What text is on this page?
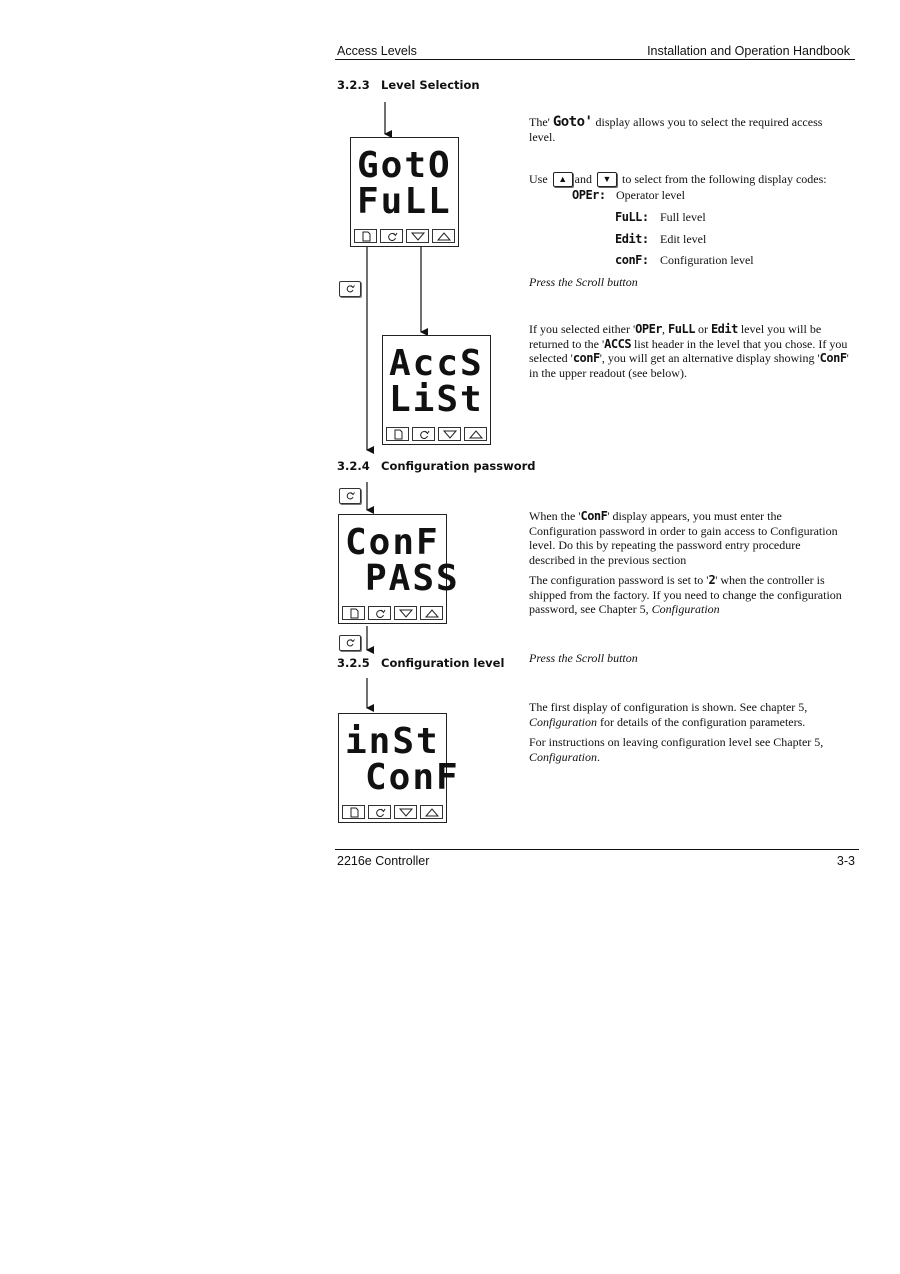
Access Levels	Installation and Operation Handbook
3.2.3 Level Selection
GotO
FuLL
AccS
LiSt
The' Goto' display allows you to select the required access level.
Use ▲ and ▼ to select from the following display codes:
OPEr: Operator level
FuLL: Full level
Edit: Edit level
conF: Configuration level
Press the Scroll button
If you selected either 'OPEr, FuLL or Edit level you will be returned to the 'ACCS list header in the level that you chose. If you selected 'conF', you will get an alternative display showing 'ConF' in the upper readout (see below).
3.2.4 Configuration password
ConF
PASS
When the 'ConF' display appears, you must enter the Configuration password in order to gain access to Configuration level. Do this by repeating the password entry procedure described in the previous section
The configuration password is set to '2' when the controller is shipped from the factory. If you need to change the configuration password, see Chapter 5, Configuration
3.2.5 Configuration level Press the Scroll button
inSt
ConF
The first display of configuration is shown. See chapter 5, Configuration for details of the configuration parameters.
For instructions on leaving configuration level see Chapter 5, Configuration.
2216e Controller	3-3
